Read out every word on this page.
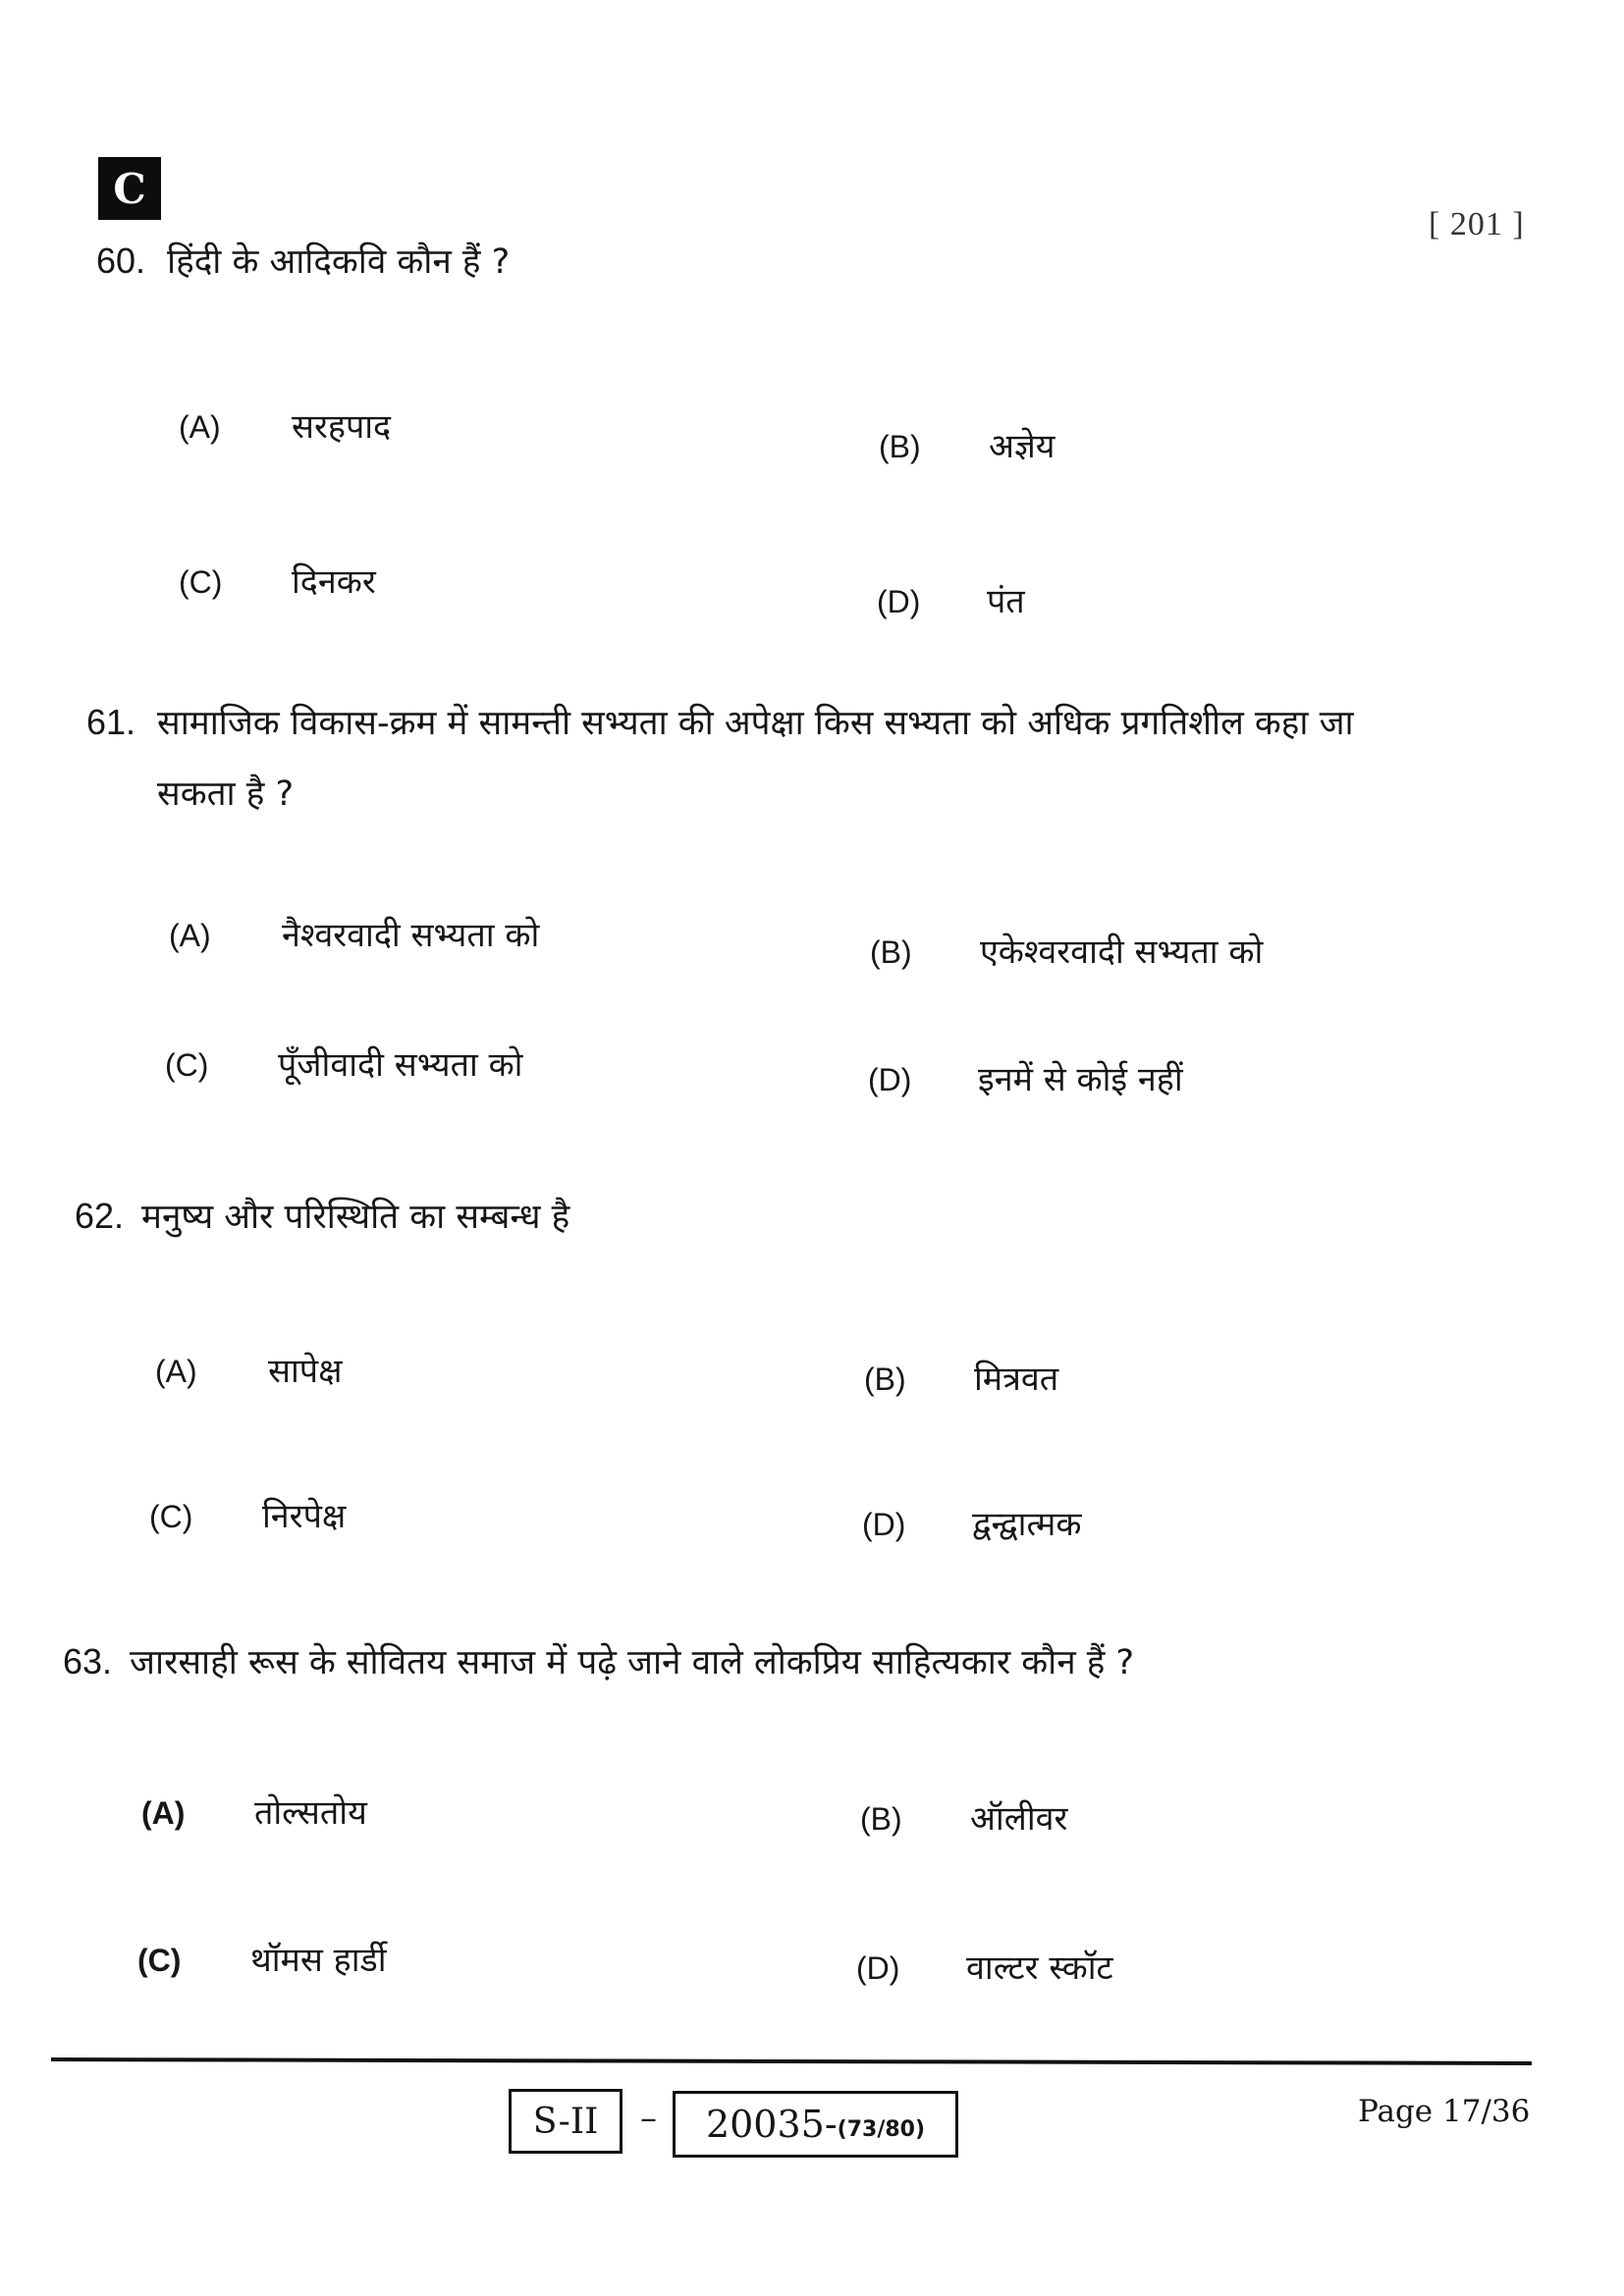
C
[ 201 ]
60. हिंदी के आदिकवि कौन हैं ?
(A)	सरहपाद	(B)	अज्ञेय
(C)	दिनकर	(D)	पंत
61. सामाजिक विकास-क्रम में सामन्ती सभ्यता की अपेक्षा किस सभ्यता को अधिक प्रगतिशील कहा जा
सकता है ?
(A)	नैश्वरवादी सभ्यता को	(B)	एकेश्वरवादी सभ्यता को
(C)	पूँजीवादी सभ्यता को	(D)	इनमें से कोई नहीं
62. मनुष्य और परिस्थिति का सम्बन्ध है
(A)	सापेक्ष	(B)	मित्रवत
(C)	निरपेक्ष	(D)	द्वन्द्वात्मक
63. जारसाही रूस के सोवितय समाज में पढ़े जाने वाले लोकप्रिय साहित्यकार कौन हैं ?
(A)	तोल्सतोय	(B)	ऑलीवर
(C)	थॉमस हार्डी	(D)	वाल्टर स्कॉट
S-II – 20035- (73/80)	Page 17/36
